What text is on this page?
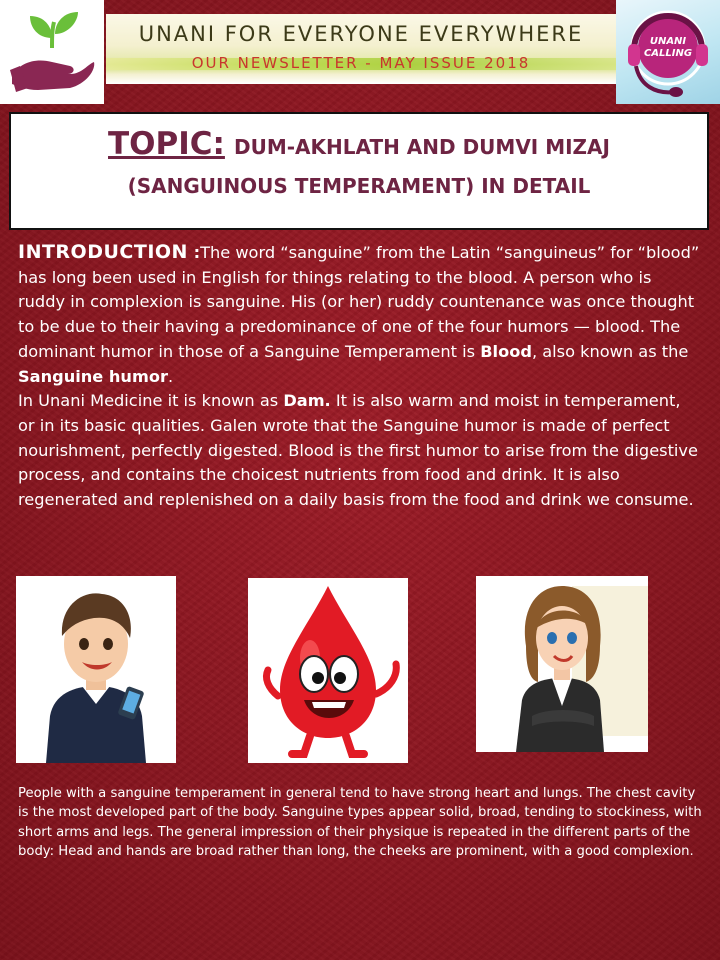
UNANI FOR EVERYONE EVERYWHERE
OUR NEWSLETTER - MAY ISSUE 2018
UNANI CALLING
TOPIC: DUM-AKHLATH AND DUMVI MIZAJ
(SANGUINOUS TEMPERAMENT) IN DETAIL

INTRODUCTION :The word “sanguine” from the Latin “sanguineus” for “blood” has long been used in English for things relating to the blood. A person who is ruddy in complexion is sanguine. His (or her) ruddy countenance was once thought to be due to their having a predominance of one of the four humors — blood. The dominant humor in those of a Sanguine Temperament is Blood, also known as the Sanguine humor.

In Unani Medicine it is known as Dam. It is also warm and moist in temperament, or in its basic qualities. Galen wrote that the Sanguine humor is made of perfect nourishment, perfectly digested. Blood is the first humor to arise from the digestive process, and contains the choicest nutrients from food and drink. It is also regenerated and replenished on a daily basis from the food and drink we consume.

People with a sanguine temperament in general tend to have strong heart and lungs. The chest cavity is the most developed part of the body. Sanguine types appear solid, broad, tending to stockiness, with short arms and legs. The general impression of their physique is repeated in the different parts of the body: Head and hands are broad rather than long, the cheeks are prominent, with a good complexion.
